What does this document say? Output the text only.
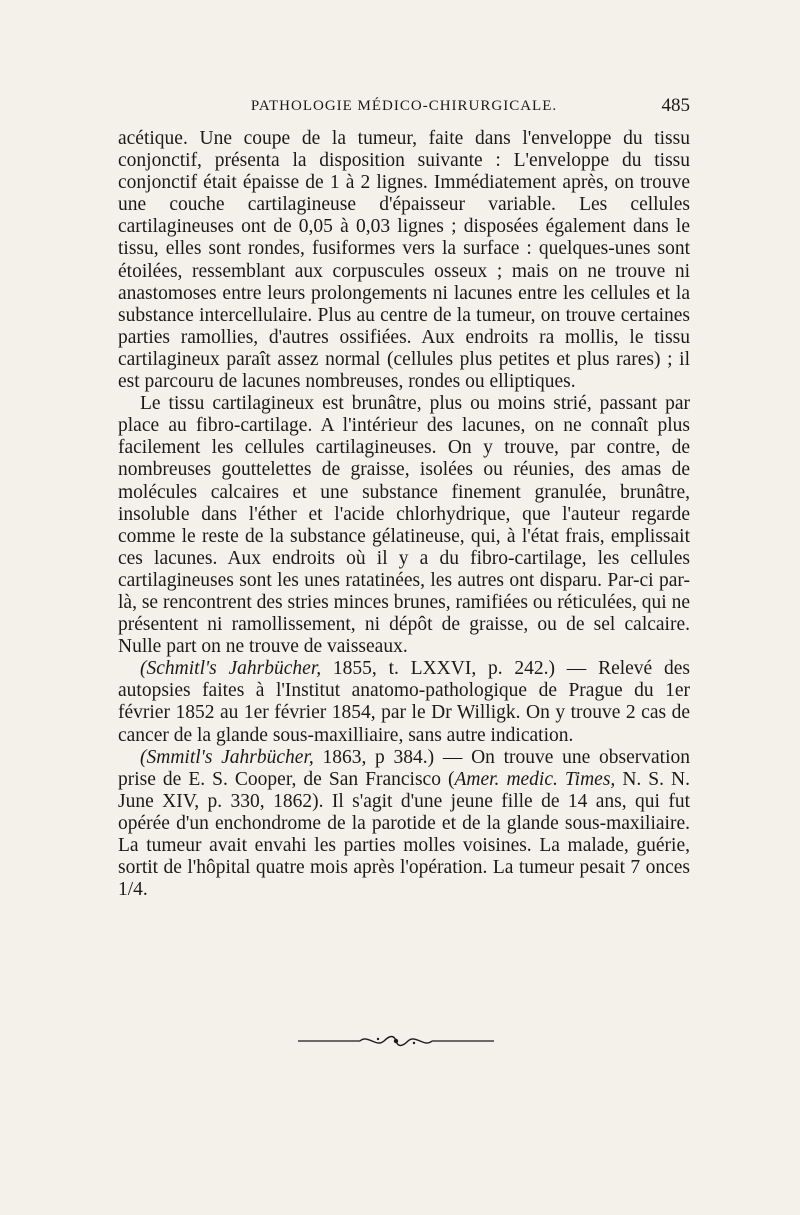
PATHOLOGIE MÉDICO-CHIRURGICALE.	485

acétique. Une coupe de la tumeur, faite dans l'enveloppe du tissu conjonctif, présenta la disposition suivante : L'enveloppe du tissu conjonctif était épaisse de 1 à 2 lignes. Immédiatement après, on trouve une couche cartilagineuse d'épaisseur variable. Les cellules cartilagineuses ont de 0,05 à 0,03 lignes ; disposées également dans le tissu, elles sont rondes, fusiformes vers la surface : quelques-unes sont étoilées, ressemblant aux corpuscules osseux ; mais on ne trouve ni anastomoses entre leurs prolongements ni lacunes entre les cellules et la substance intercellulaire. Plus au centre de la tumeur, on trouve certaines parties ramollies, d'autres ossifiées. Aux endroits ra mollis, le tissu cartilagineux paraît assez normal (cellules plus petites et plus rares) ; il est parcouru de lacunes nombreuses, rondes ou elliptiques.

Le tissu cartilagineux est brunâtre, plus ou moins strié, passant par place au fibro-cartilage. A l'intérieur des lacunes, on ne connaît plus facilement les cellules cartilagineuses. On y trouve, par contre, de nombreuses gouttelettes de graisse, isolées ou réunies, des amas de molécules calcaires et une substance finement granulée, brunâtre, insoluble dans l'éther et l'acide chlorhydrique, que l'auteur regarde comme le reste de la substance gélatineuse, qui, à l'état frais, emplissait ces lacunes. Aux endroits où il y a du fibro-cartilage, les cellules cartilagineuses sont les unes ratatinées, les autres ont disparu. Par-ci par-là, se rencontrent des stries minces brunes, ramifiées ou réticulées, qui ne présentent ni ramollissement, ni dépôt de graisse, ou de sel calcaire. Nulle part on ne trouve de vaisseaux.

(Schmitl's Jahrbücher, 1855, t. LXXVI, p. 242.) — Relevé des autopsies faites à l'Institut anatomo-pathologique de Prague du 1er février 1852 au 1er février 1854, par le Dr Willigk. On y trouve 2 cas de cancer de la glande sous-maxilliaire, sans autre indication.

(Smmitl's Jahrbücher, 1863, p 384.) — On trouve une observation prise de E. S. Cooper, de San Francisco (Amer. medic. Times, N. S. N. June XIV, p. 330, 1862). Il s'agit d'une jeune fille de 14 ans, qui fut opérée d'un enchondrome de la parotide et de la glande sous-maxiliaire. La tumeur avait envahi les parties molles voisines. La malade, guérie, sortit de l'hôpital quatre mois après l'opération. La tumeur pesait 7 onces 1/4.
